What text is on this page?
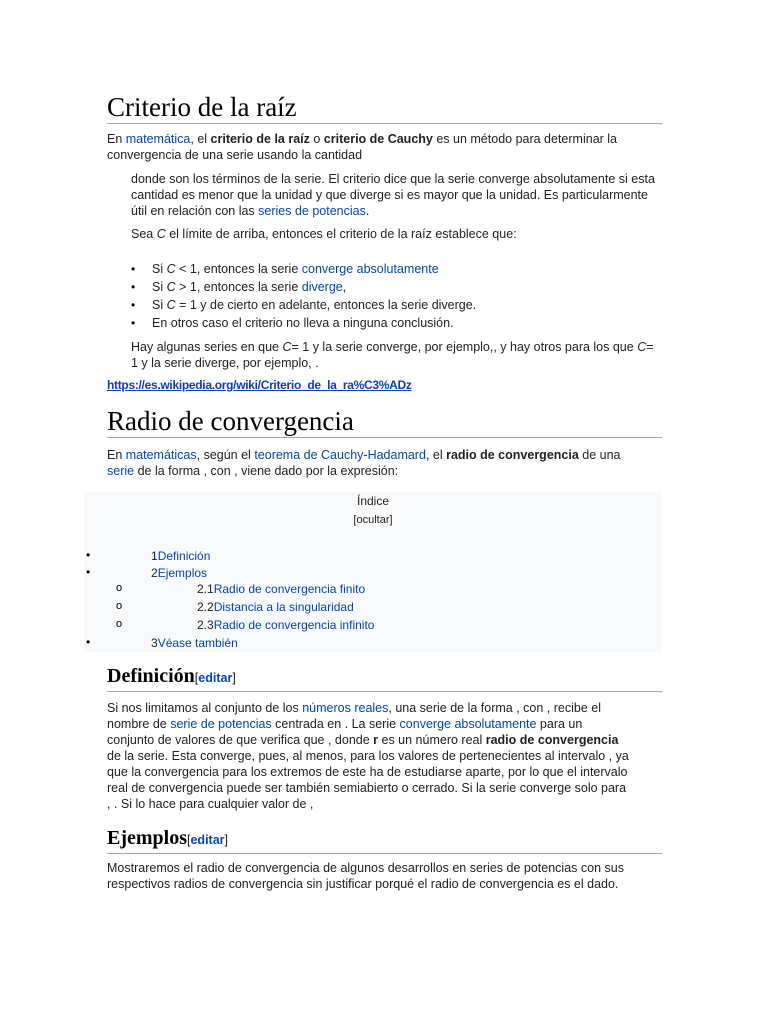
Criterio de la raíz

En matemática, el criterio de la raíz o criterio de Cauchy es un método para determinar la convergencia de una serie usando la cantidad

donde son los términos de la serie. El criterio dice que la serie converge absolutamente si esta cantidad es menor que la unidad y que diverge si es mayor que la unidad. Es particularmente útil en relación con las series de potencias.

Sea C el límite de arriba, entonces el criterio de la raíz establece que:

• Si C < 1, entonces la serie converge absolutamente
• Si C > 1, entonces la serie diverge,
• Si C = 1 y de cierto en adelante, entonces la serie diverge.
• En otros caso el criterio no lleva a ninguna conclusión.

Hay algunas series en que C= 1 y la serie converge, por ejemplo,, y hay otros para los que C= 1 y la serie diverge, por ejemplo, .

https://es.wikipedia.org/wiki/Criterio_de_la_ra%C3%ADz
Radio de convergencia

En matemáticas, según el teorema de Cauchy-Hadamard, el radio de convergencia de una serie de la forma , con , viene dado por la expresión:

Índice
[ocultar]
•	1Definición
•	2Ejemplos
o	2.1Radio de convergencia finito
o	2.2Distancia a la singularidad
o	2.3Radio de convergencia infinito
•	3Véase también
Definición[editar]

Si nos limitamos al conjunto de los números reales, una serie de la forma , con , recibe el nombre de serie de potencias centrada en . La serie converge absolutamente para un conjunto de valores de que verifica que , donde r es un número real radio de convergencia de la serie. Esta converge, pues, al menos, para los valores de pertenecientes al intervalo , ya que la convergencia para los extremos de este ha de estudiarse aparte, por lo que el intervalo real de convergencia puede ser también semiabierto o cerrado. Si la serie converge solo para , . Si lo hace para cualquier valor de ,

Ejemplos[editar]

Mostraremos el radio de convergencia de algunos desarrollos en series de potencias con sus respectivos radios de convergencia sin justificar porqué el radio de convergencia es el dado.
